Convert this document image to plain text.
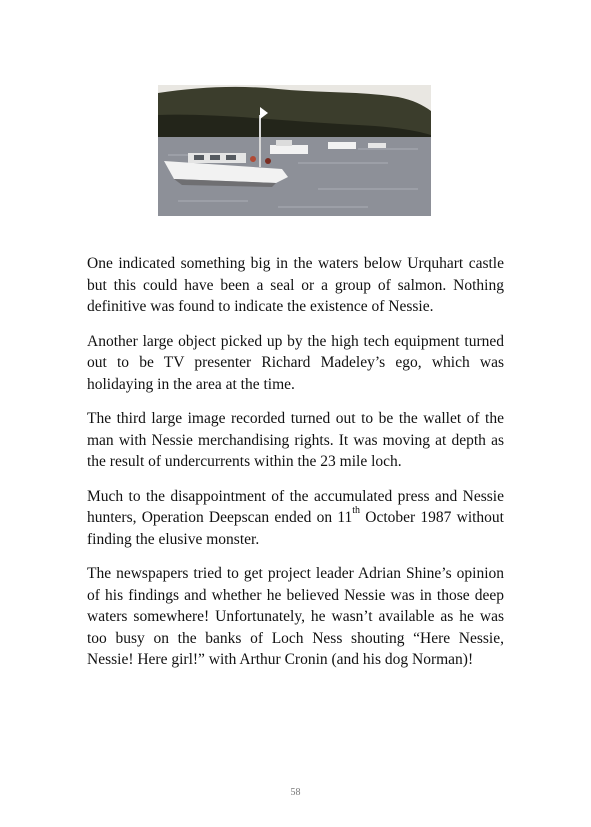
One indicated something big in the waters below Urquhart castle but this could have been a seal or a group of salmon. Nothing definitive was found to indicate the existence of Nessie.

Another large object picked up by the high tech equipment turned out to be TV presenter Richard Madeley’s ego, which was holidaying in the area at the time.

The third large image recorded turned out to be the wallet of the man with Nessie merchandising rights. It was moving at depth as the result of undercurrents within the 23 mile loch.

Much to the disappointment of the accumulated press and Nessie hunters, Operation Deepscan ended on 11th October 1987 without finding the elusive monster.

The newspapers tried to get project leader Adrian Shine’s opinion of his findings and whether he believed Nessie was in those deep waters somewhere! Unfortunately, he wasn’t available as he was too busy on the banks of Loch Ness shouting “Here Nessie, Nessie! Here girl!” with Arthur Cronin (and his dog Norman)!

58
